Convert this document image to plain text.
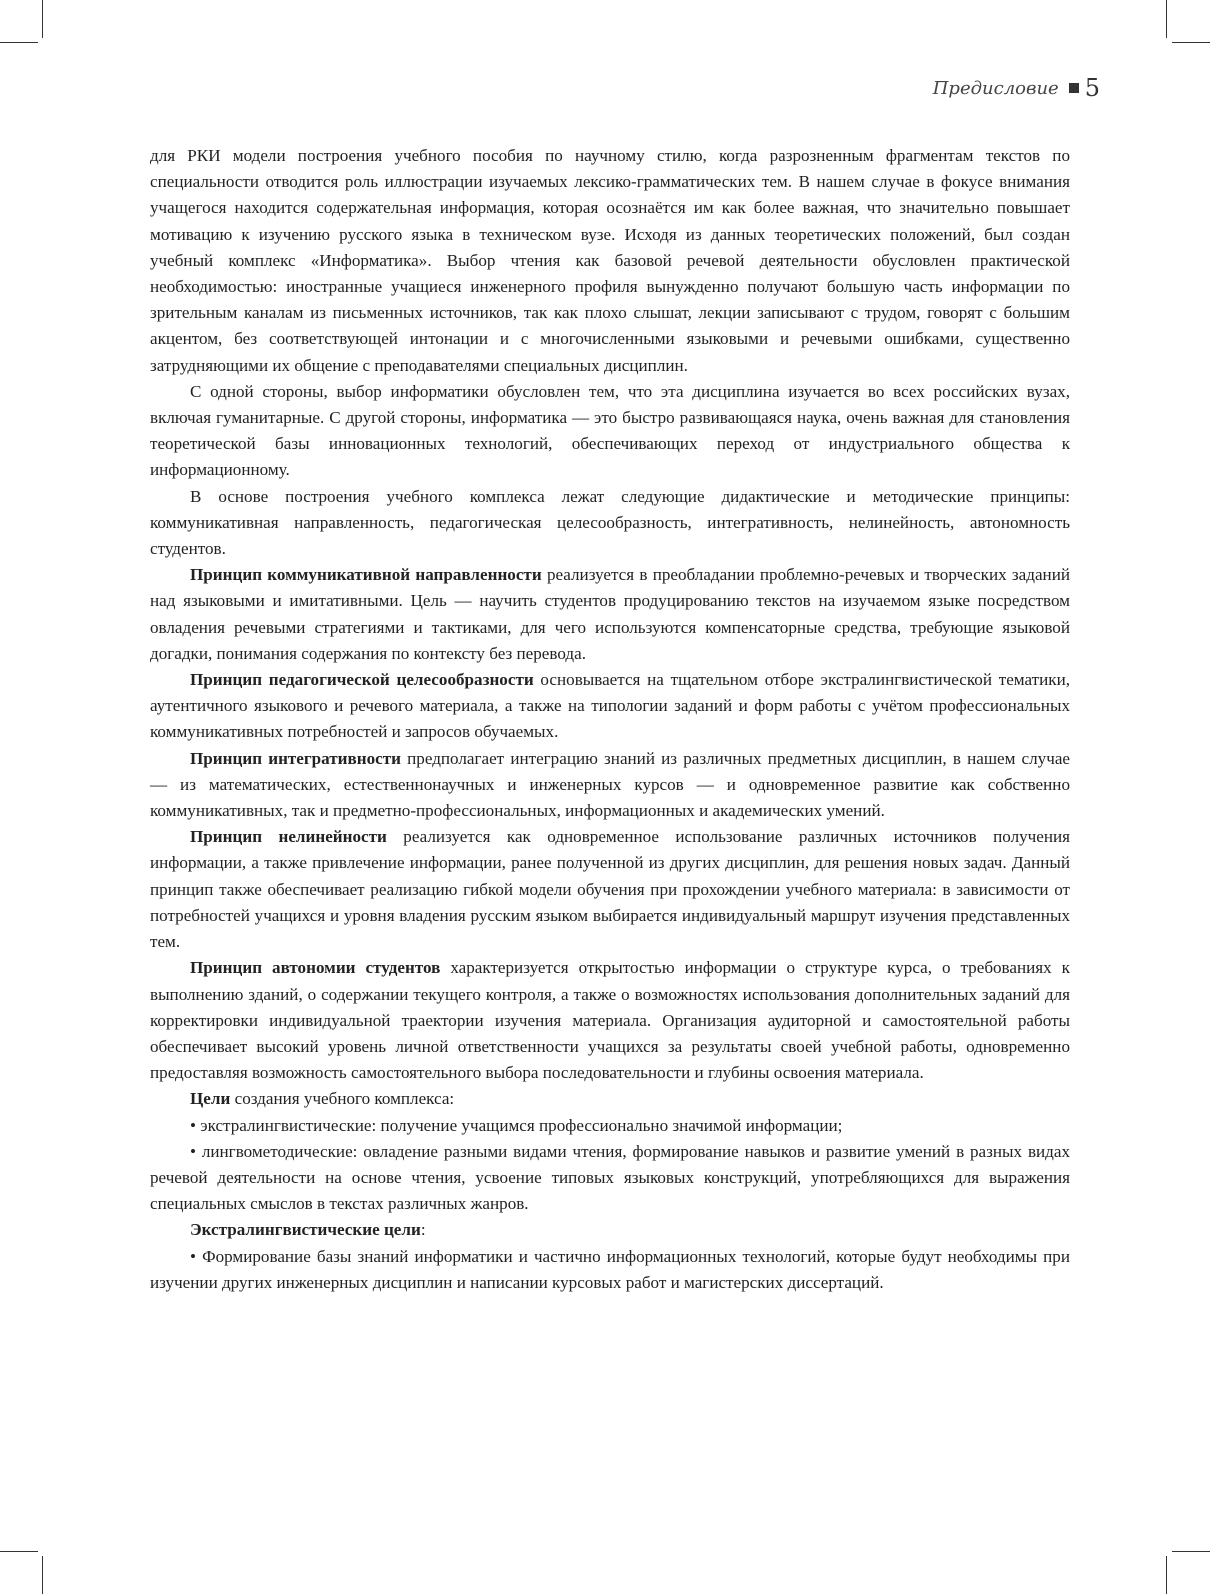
Предисловие 5

для РКИ модели построения учебного пособия по научному стилю, когда разрозненным фрагментам текстов по специальности отводится роль иллюстрации изучаемых лексико-грамматических тем. В нашем случае в фокусе внимания учащегося находится содержательная информация, которая осознаётся им как более важная, что значительно повышает мотивацию к изучению русского языка в техническом вузе. Исходя из данных теоретических положений, был создан учебный комплекс «Информатика». Выбор чтения как базовой речевой деятельности обусловлен практической необходимостью: иностранные учащиеся инженерного профиля вынужденно получают большую часть информации по зрительным каналам из письменных источников, так как плохо слышат, лекции записывают с трудом, говорят с большим акцентом, без соответствующей интонации и с многочисленными языковыми и речевыми ошибками, существенно затрудняющими их общение с преподавателями специальных дисциплин.

С одной стороны, выбор информатики обусловлен тем, что эта дисциплина изучается во всех российских вузах, включая гуманитарные. С другой стороны, информатика — это быстро развивающаяся наука, очень важная для становления теоретической базы инновационных технологий, обеспечивающих переход от индустриального общества к информационному.

В основе построения учебного комплекса лежат следующие дидактические и методические принципы: коммуникативная направленность, педагогическая целесообразность, интегративность, нелинейность, автономность студентов.

Принцип коммуникативной направленности реализуется в преобладании проблемно-речевых и творческих заданий над языковыми и имитативными. Цель — научить студентов продуцированию текстов на изучаемом языке посредством овладения речевыми стратегиями и тактиками, для чего используются компенсаторные средства, требующие языковой догадки, понимания содержания по контексту без перевода.

Принцип педагогической целесообразности основывается на тщательном отборе экстралингвистической тематики, аутентичного языкового и речевого материала, а также на типологии заданий и форм работы с учётом профессиональных коммуникативных потребностей и запросов обучаемых.

Принцип интегративности предполагает интеграцию знаний из различных предметных дисциплин, в нашем случае — из математических, естественнонаучных и инженерных курсов — и одновременное развитие как собственно коммуникативных, так и предметно-профессиональных, информационных и академических умений.

Принцип нелинейности реализуется как одновременное использование различных источников получения информации, а также привлечение информации, ранее полученной из других дисциплин, для решения новых задач. Данный принцип также обеспечивает реализацию гибкой модели обучения при прохождении учебного материала: в зависимости от потребностей учащихся и уровня владения русским языком выбирается индивидуальный маршрут изучения представленных тем.

Принцип автономии студентов характеризуется открытостью информации о структуре курса, о требованиях к выполнению зданий, о содержании текущего контроля, а также о возможностях использования дополнительных заданий для корректировки индивидуальной траектории изучения материала. Организация аудиторной и самостоятельной работы обеспечивает высокий уровень личной ответственности учащихся за результаты своей учебной работы, одновременно предоставляя возможность самостоятельного выбора последовательности и глубины освоения материала.

Цели создания учебного комплекса:

• экстралингвистические: получение учащимся профессионально значимой информации;

• лингвометодические: овладение разными видами чтения, формирование навыков и развитие умений в разных видах речевой деятельности на основе чтения, усвоение типовых языковых конструкций, употребляющихся для выражения специальных смыслов в текстах различных жанров.

Экстралингвистические цели:

• Формирование базы знаний информатики и частично информационных технологий, которые будут необходимы при изучении других инженерных дисциплин и написании курсовых работ и магистерских диссертаций.
